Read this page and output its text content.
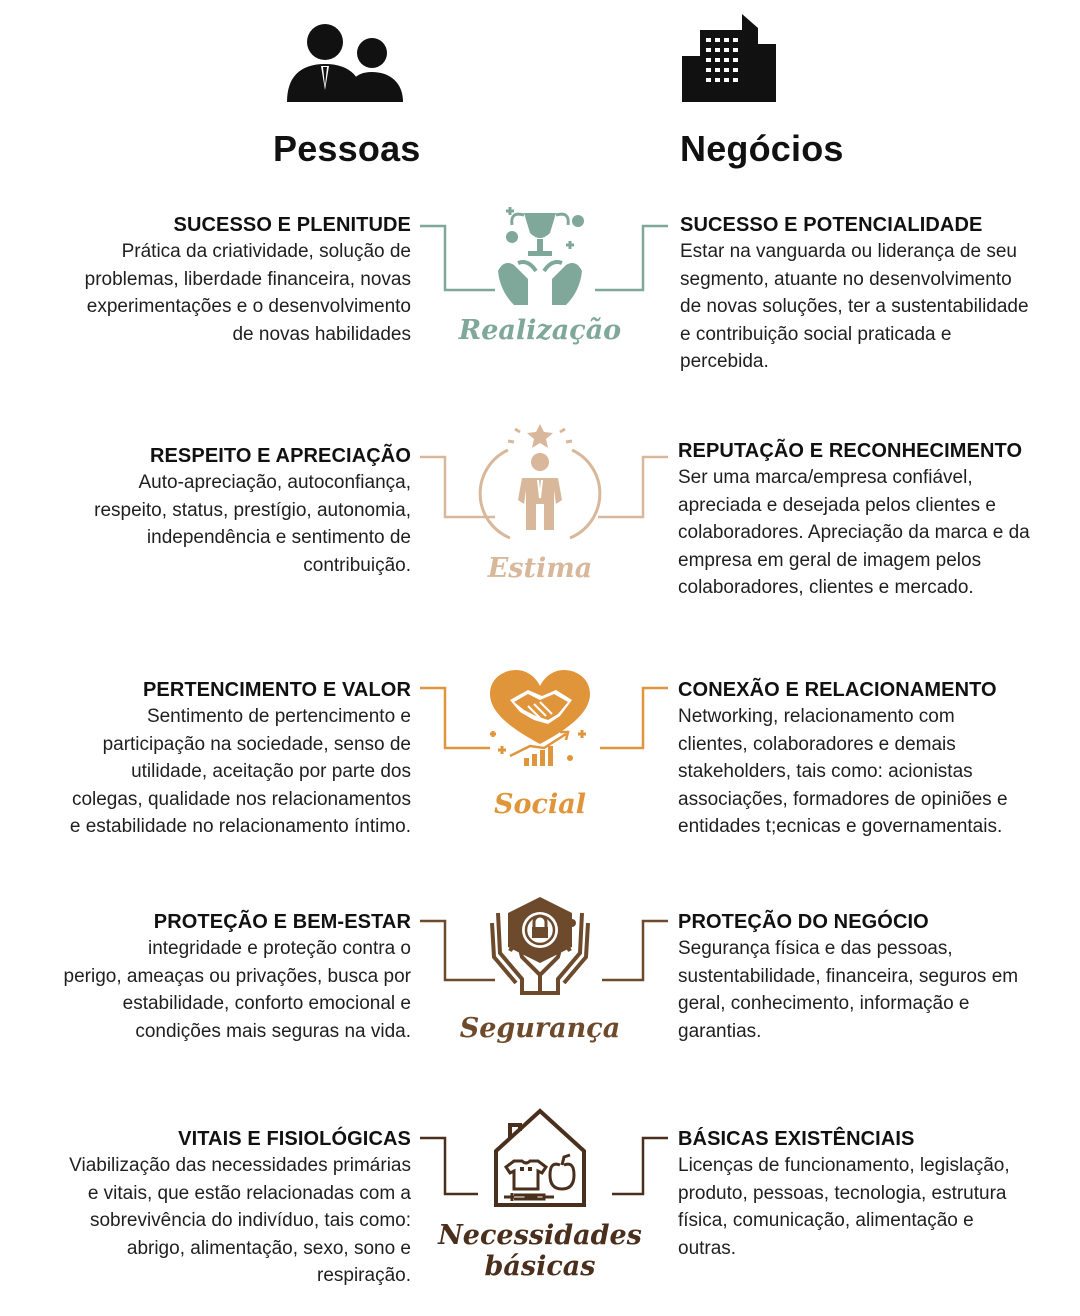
Pessoas	Negócios
SUCESSO E PLENITUDE
Prática da criatividade, solução de
problemas, liberdade financeira, novas
experimentações e o desenvolvimento
de novas habilidades
SUCESSO E POTENCIALIDADE
Estar na vanguarda ou liderança de seu
segmento, atuante no desenvolvimento
de novas soluções, ter a sustentabilidade
e contribuição social praticada e
percebida.
Realização
RESPEITO E APRECIAÇÃO
Auto-apreciação, autoconfiança,
respeito, status, prestígio, autonomia,
independência e sentimento de
contribuição.
REPUTAÇÃO E RECONHECIMENTO
Ser uma marca/empresa confiável,
apreciada e desejada pelos clientes e
colaboradores. Apreciação da marca e da
empresa em geral de imagem pelos
colaboradores, clientes e mercado.
Estima
PERTENCIMENTO E VALOR
Sentimento de pertencimento e
participação na sociedade, senso de
utilidade, aceitação por parte dos
colegas, qualidade nos relacionamentos
e estabilidade no relacionamento íntimo.
CONEXÃO E RELACIONAMENTO
Networking, relacionamento com
clientes, colaboradores e demais
stakeholders, tais como: acionistas
associações, formadores de opiniões e
entidades t;ecnicas e governamentais.
Social
PROTEÇÃO E BEM-ESTAR
integridade e proteção contra o
perigo, ameaças ou privações, busca por
estabilidade, conforto emocional e
condições mais seguras na vida.
PROTEÇÃO DO NEGÓCIO
Segurança física e das pessoas,
sustentabilidade, financeira, seguros em
geral, conhecimento, informação e
garantias.
Segurança
VITAIS E FISIOLÓGICAS
Viabilização das necessidades primárias
e vitais, que estão relacionadas com a
sobrevivência do indivíduo, tais como:
abrigo, alimentação, sexo, sono e
respiração.
BÁSICAS EXISTÊNCIAIS
Licenças de funcionamento, legislação,
produto, pessoas, tecnologia, estrutura
física, comunicação, alimentação e
outras.
Necessidades
básicas
